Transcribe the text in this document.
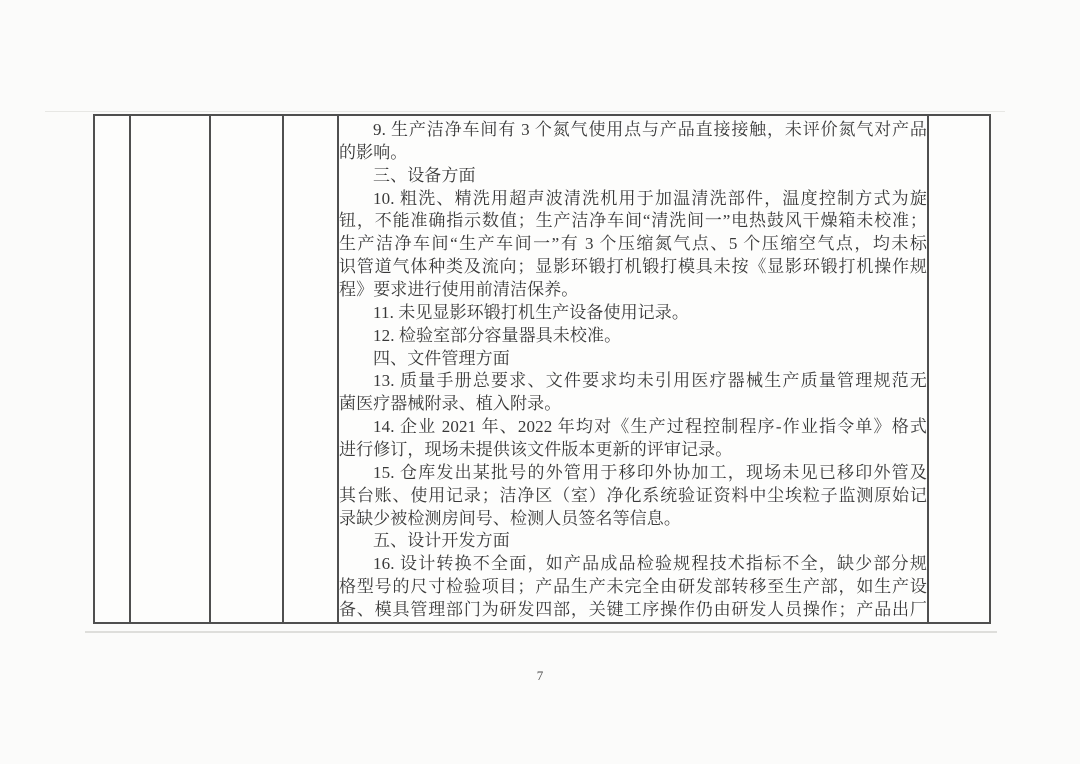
9. 生产洁净车间有 3 个氮气使用点与产品直接接触，未评价氮气对产品
的影响。
三、设备方面
10. 粗洗、精洗用超声波清洗机用于加温清洗部件，温度控制方式为旋
钮，不能准确指示数值；生产洁净车间“清洗间一”电热鼓风干燥箱未校准；
生产洁净车间“生产车间一”有 3 个压缩氮气点、5 个压缩空气点，均未标
识管道气体种类及流向；显影环锻打机锻打模具未按《显影环锻打机操作规
程》要求进行使用前清洁保养。
11. 未见显影环锻打机生产设备使用记录。
12. 检验室部分容量器具未校准。
四、文件管理方面
13. 质量手册总要求、文件要求均未引用医疗器械生产质量管理规范无
菌医疗器械附录、植入附录。
14. 企业 2021 年、2022 年均对《生产过程控制程序-作业指令单》格式
进行修订，现场未提供该文件版本更新的评审记录。
15. 仓库发出某批号的外管用于移印外协加工，现场未见已移印外管及
其台账、使用记录；洁净区（室）净化系统验证资料中尘埃粒子监测原始记
录缺少被检测房间号、检测人员签名等信息。
五、设计开发方面
16. 设计转换不全面，如产品成品检验规程技术指标不全，缺少部分规
格型号的尺寸检验项目；产品生产未完全由研发部转移至生产部，如生产设
备、模具管理部门为研发四部，关键工序操作仍由研发人员操作；产品出厂
7
